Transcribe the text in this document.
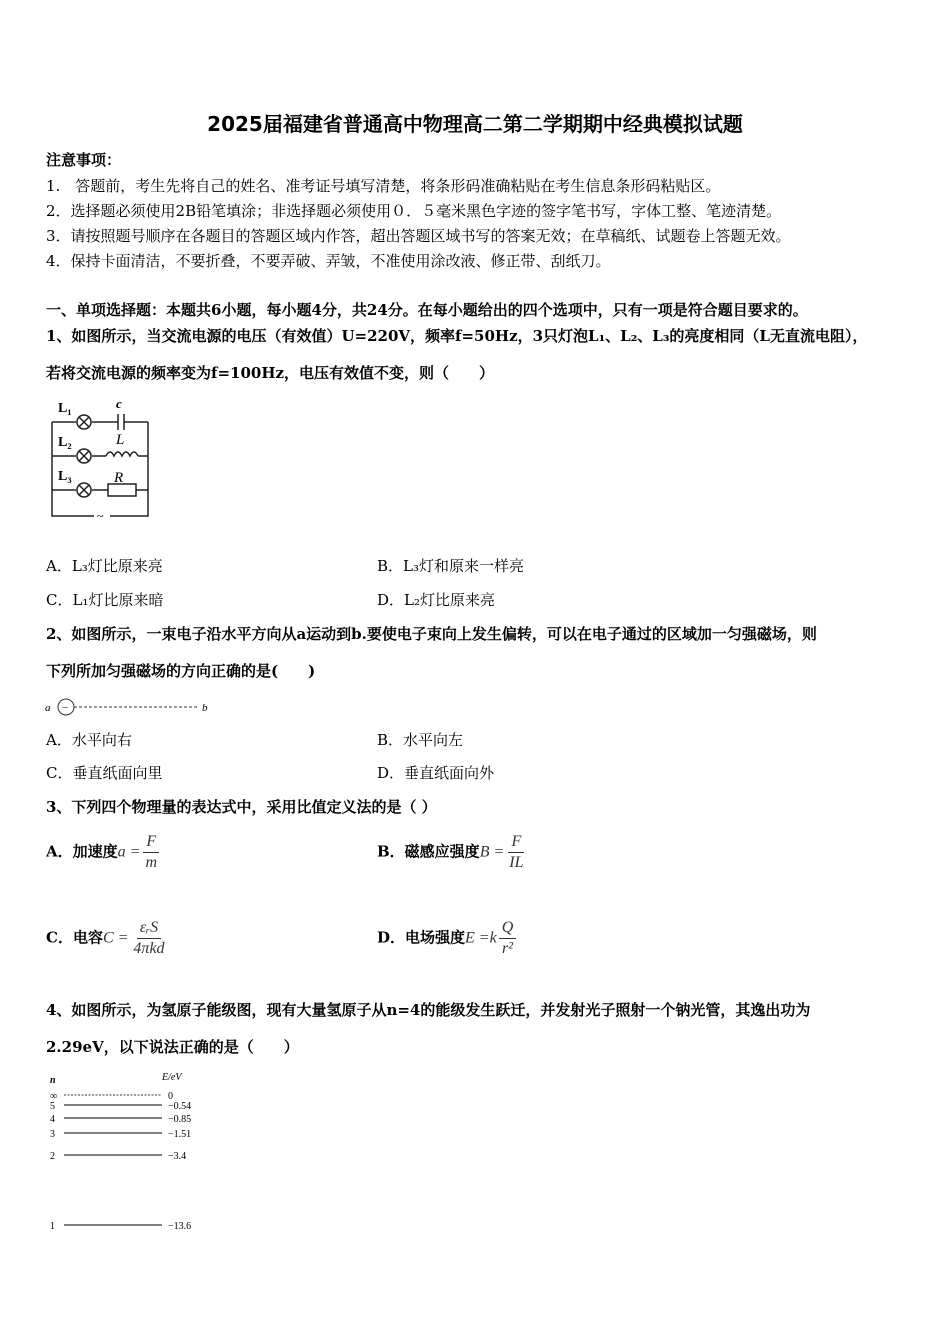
2025届福建省普通高中物理高二第二学期期中经典模拟试题
注意事项：
1.　答题前，考生先将自己的姓名、准考证号填写清楚，将条形码准确粘贴在考生信息条形码粘贴区。
2．选择题必须使用2B铅笔填涂；非选择题必须使用０．５毫米黑色字迹的签字笔书写，字体工整、笔迹清楚。
3．请按照题号顺序在各题目的答题区域内作答，超出答题区域书写的答案无效；在草稿纸、试题卷上答题无效。
4．保持卡面清洁，不要折叠，不要弄破、弄皱，不准使用涂改液、修正带、刮纸刀。
一、单项选择题：本题共6小题，每小题4分，共24分。在每小题给出的四个选项中，只有一项是符合题目要求的。
1、如图所示，当交流电源的电压（有效值）U=220V，频率f=50Hz，3只灯泡L₁、L₂、L₃的亮度相同（L无直流电阻），
若将交流电源的频率变为f=100Hz，电压有效值不变，则（　　）
L₁
L₂
L₃
c
L
R
~
A．L₃灯比原来亮	B．L₃灯和原来一样亮
C．L₁灯比原来暗	D．L₂灯比原来亮
2、如图所示，一束电子沿水平方向从a运动到b.要使电子束向上发生偏转，可以在电子通过的区域加一匀强磁场，则
下列所加匀强磁场的方向正确的是(　　)
a −	b
A．水平向右	B．水平向左
C．垂直纸面向里	D．垂直纸面向外
3、下列四个物理量的表达式中，采用比值定义法的是（ ）
A．加速度$a = \frac{F}{m}$	B．磁感应强度$B = \frac{F}{IL}$
C．电容$C = \frac{\text{εᵣS}}{\text{4πkd}}$	D．电场强度$E =k \frac{Q}{\text{r²}}$
4、如图所示，为氢原子能级图，现有大量氢原子从n=4的能级发生跃迁，并发射光子照射一个钠光管，其逸出功为
2.29eV，以下说法正确的是（　　）
n	E/eV
∞	0
5	−0.54
4	−0.85
3	−1.51
2	−3.4
1	−13.6
